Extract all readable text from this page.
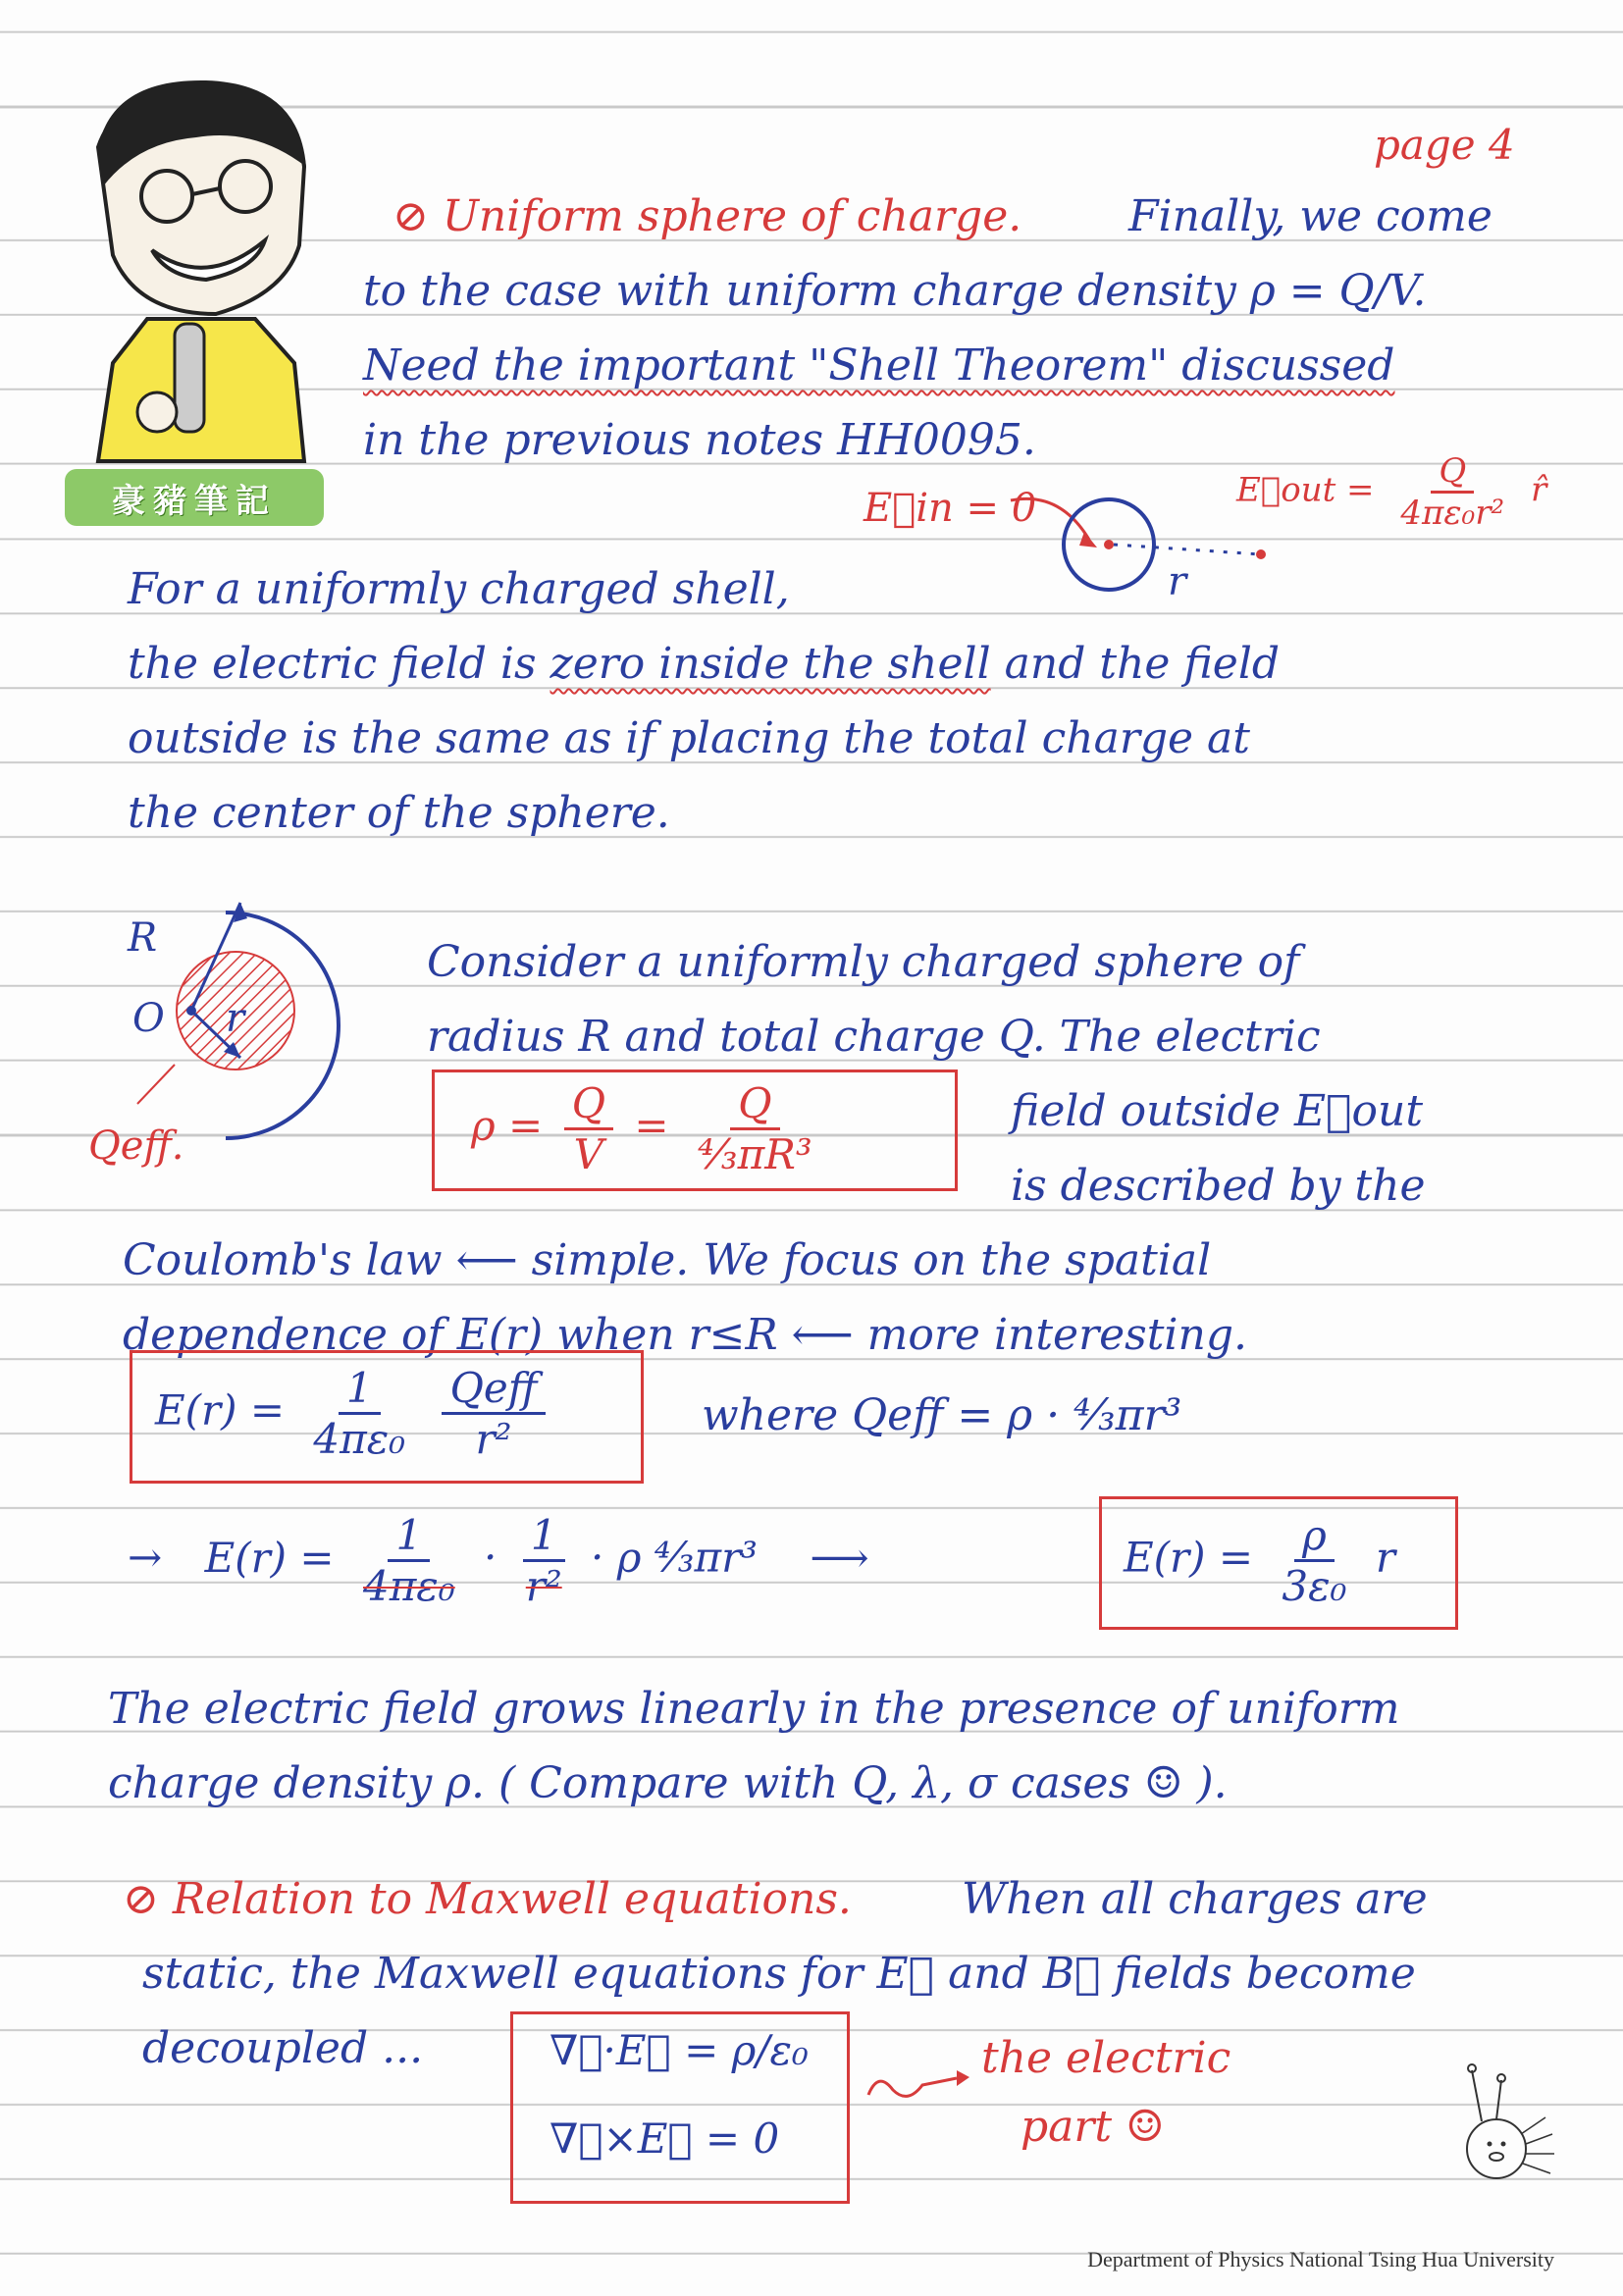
豪豬筆記
page 4
⊘ Uniform sphere of charge. Finally, we come
to the case with uniform charge density ρ = Q/V.
Need the important "Shell Theorem" discussed
in the previous notes HH0095.
E⃗in = 0
r
E⃗out = $\frac{Q}{\text{4πε₀r²}}$ r̂
For a uniformly charged shell,
the electric field is zero inside the shell and the field
outside is the same as if placing the total charge at
the center of the sphere.
R
O r
Qeff.
Consider a uniformly charged sphere of
radius R and total charge Q. The electric
field outside E⃗out
is described by the
$\rho = \frac{Q}{V} = \frac{Q}{\text{⁴⁄₃πR³}}$
Coulomb's law ⟵ simple. We focus on the spatial
dependence of E(r) when r≤R ⟵ more interesting.
$E(r) = \frac{1}{\text{4πε₀}}$
$\frac{\text{Qeff}}{\text{r²}}$	where Qeff = ρ · ⁴⁄₃πr³
→ $E(r) = \frac{1}{\text{4πε₀}} \cdot \frac{1}{\text{r²}} \cdot \rho$ ⁴⁄₃πr³ ⟶	$E(r) = \frac{\rho}{\text{3ε₀}}$ r
The electric field grows linearly in the presence of uniform
charge density ρ. ( Compare with Q, λ, σ cases ☺ ).
⊘ Relation to Maxwell equations.	When all charges are
static, the Maxwell equations for E⃗ and B⃗ fields become
decoupled ...	∇⃗·E⃗ = ρ/ε₀
∇⃗×E⃗ = 0
the electric
part ☺
Department of Physics National Tsing Hua University
